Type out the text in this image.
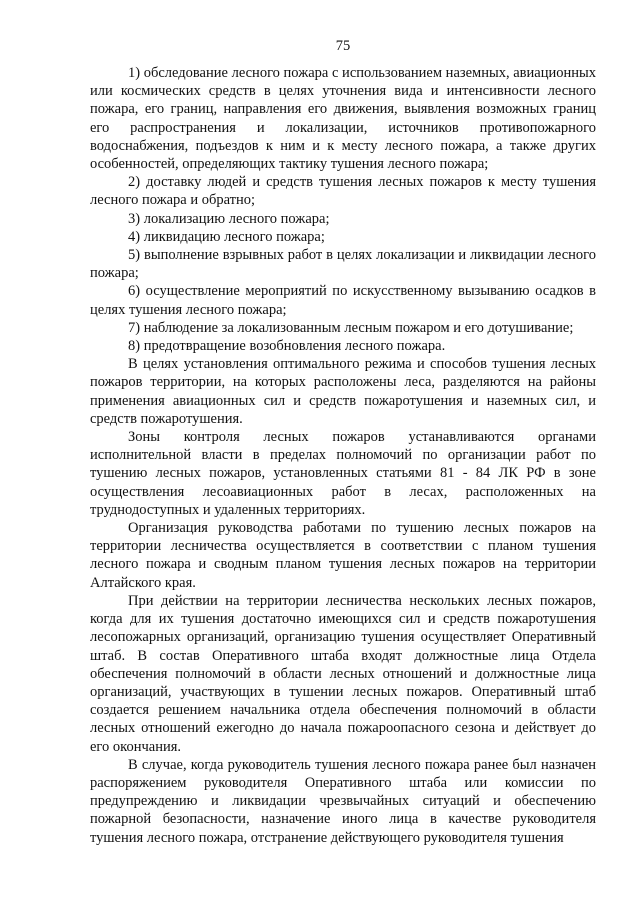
75

1) обследование лесного пожара с использованием наземных, авиационных или космических средств в целях уточнения вида и интенсивности лесного пожара, его границ, направления его движения, выявления возможных границ его распространения и локализации, источников противопожарного водоснабжения, подъездов к ним и к месту лесного пожара, а также других особенностей, определяющих тактику тушения лесного пожара;

2) доставку людей и средств тушения лесных пожаров к месту тушения лесного пожара и обратно;

3) локализацию лесного пожара;

4) ликвидацию лесного пожара;

5) выполнение взрывных работ в целях локализации и ликвидации лесного пожара;

6) осуществление мероприятий по искусственному вызыванию осадков в целях тушения лесного пожара;

7) наблюдение за локализованным лесным пожаром и его дотушивание;

8) предотвращение возобновления лесного пожара.

В целях установления оптимального режима и способов тушения лесных пожаров территории, на которых расположены леса, разделяются на районы применения авиационных сил и средств пожаротушения и наземных сил, и средств пожаротушения.

Зоны контроля лесных пожаров устанавливаются органами исполнительной власти в пределах полномочий по организации работ по тушению лесных пожаров, установленных статьями 81 - 84 ЛК РФ в зоне осуществления лесоавиационных работ в лесах, расположенных на труднодоступных и удаленных территориях.

Организация руководства работами по тушению лесных пожаров на территории лесничества осуществляется в соответствии с планом тушения лесного пожара и сводным планом тушения лесных пожаров на территории Алтайского края.

При действии на территории лесничества нескольких лесных пожаров, когда для их тушения достаточно имеющихся сил и средств пожаротушения лесопожарных организаций, организацию тушения осуществляет Оперативный штаб. В состав Оперативного штаба входят должностные лица Отдела обеспечения полномочий в области лесных отношений и должностные лица организаций, участвующих в тушении лесных пожаров. Оперативный штаб создается решением начальника отдела обеспечения полномочий в области лесных отношений ежегодно до начала пожароопасного сезона и действует до его окончания.

В случае, когда руководитель тушения лесного пожара ранее был назначен распоряжением руководителя Оперативного штаба или комиссии по предупреждению и ликвидации чрезвычайных ситуаций и обеспечению пожарной безопасности, назначение иного лица в качестве руководителя тушения лесного пожара, отстранение действующего руководителя тушения
